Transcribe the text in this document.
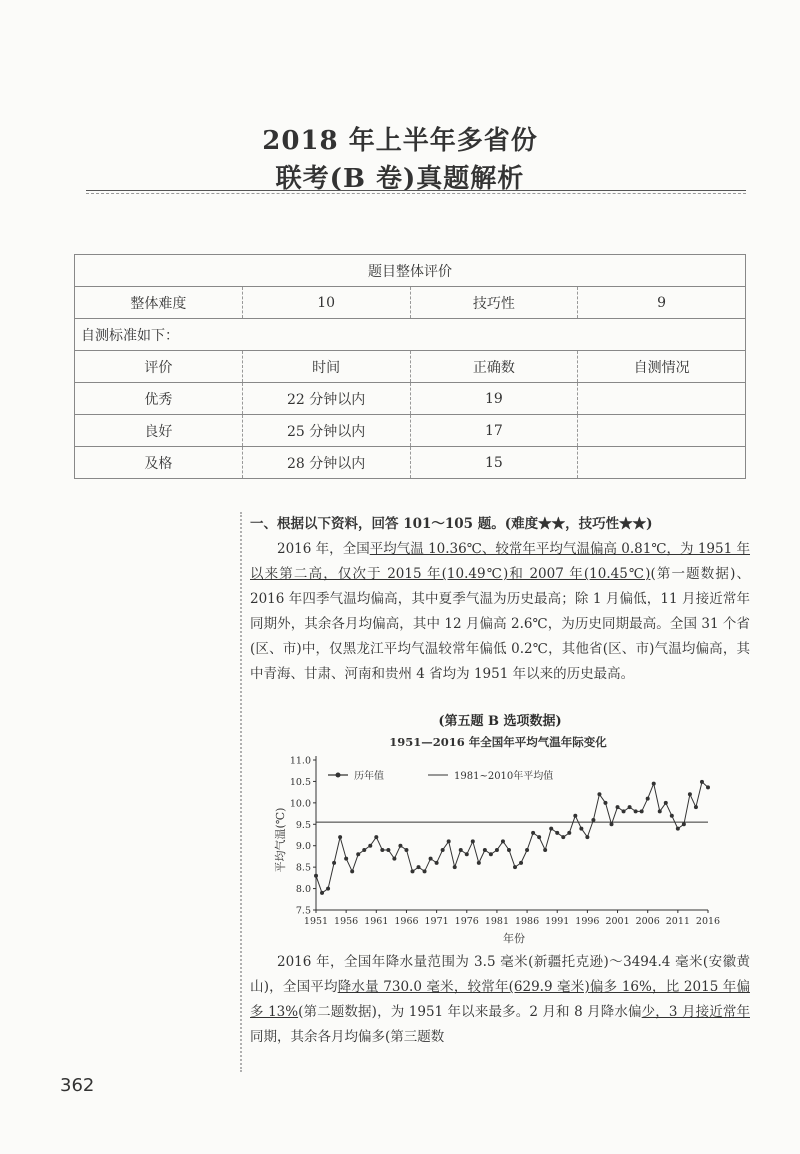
2018 年上半年多省份
联考(B 卷)真题解析
题目整体评价			
整体难度	10	技巧性	9
自测标准如下：			
评价	时间	正确数	自测情况
优秀	22 分钟以内	19	
良好	25 分钟以内	17	
及格	28 分钟以内	15	
一、根据以下资料，回答 101～105 题。(难度★★，技巧性★★)
2016 年，全国平均气温 10.36℃、较常年平均气温偏高 0.81℃，为 1951 年以来第二高，仅次于 2015 年(10.49℃)和 2007 年(10.45℃)(第一题数据)、2016 年四季气温均偏高，其中夏季气温为历史最高；除 1 月偏低，11 月接近常年同期外，其余各月均偏高，其中 12 月偏高 2.6℃，为历史同期最高。全国 31 个省(区、市)中，仅黑龙江平均气温较常年偏低 0.2℃，其他省(区、市)气温均偏高，其中青海、甘肃、河南和贵州 4 省均为 1951 年以来的历史最高。
(第五题 B 选项数据)
1951—2016 年全国年平均气温年际变化
7.5
8.0
8.5
9.0
9.5
10.0
10.5
11.0
1951 1956 1961 1966 1971 1976 1981 1986 1991 1996 2001 2006 2011 2016
历年值	1981~2010年平均值
平均气温(℃)
年份
2016 年，全国年降水量范围为 3.5 毫米(新疆托克逊)～3494.4 毫米(安徽黄山)，全国平均降水量 730.0 毫米，较常年(629.9 毫米)偏多 16%，比 2015 年偏多 13%(第二题数据)，为 1951 年以来最多。2 月和 8 月降水偏少，3 月接近常年同期，其余各月均偏多(第三题数
362
